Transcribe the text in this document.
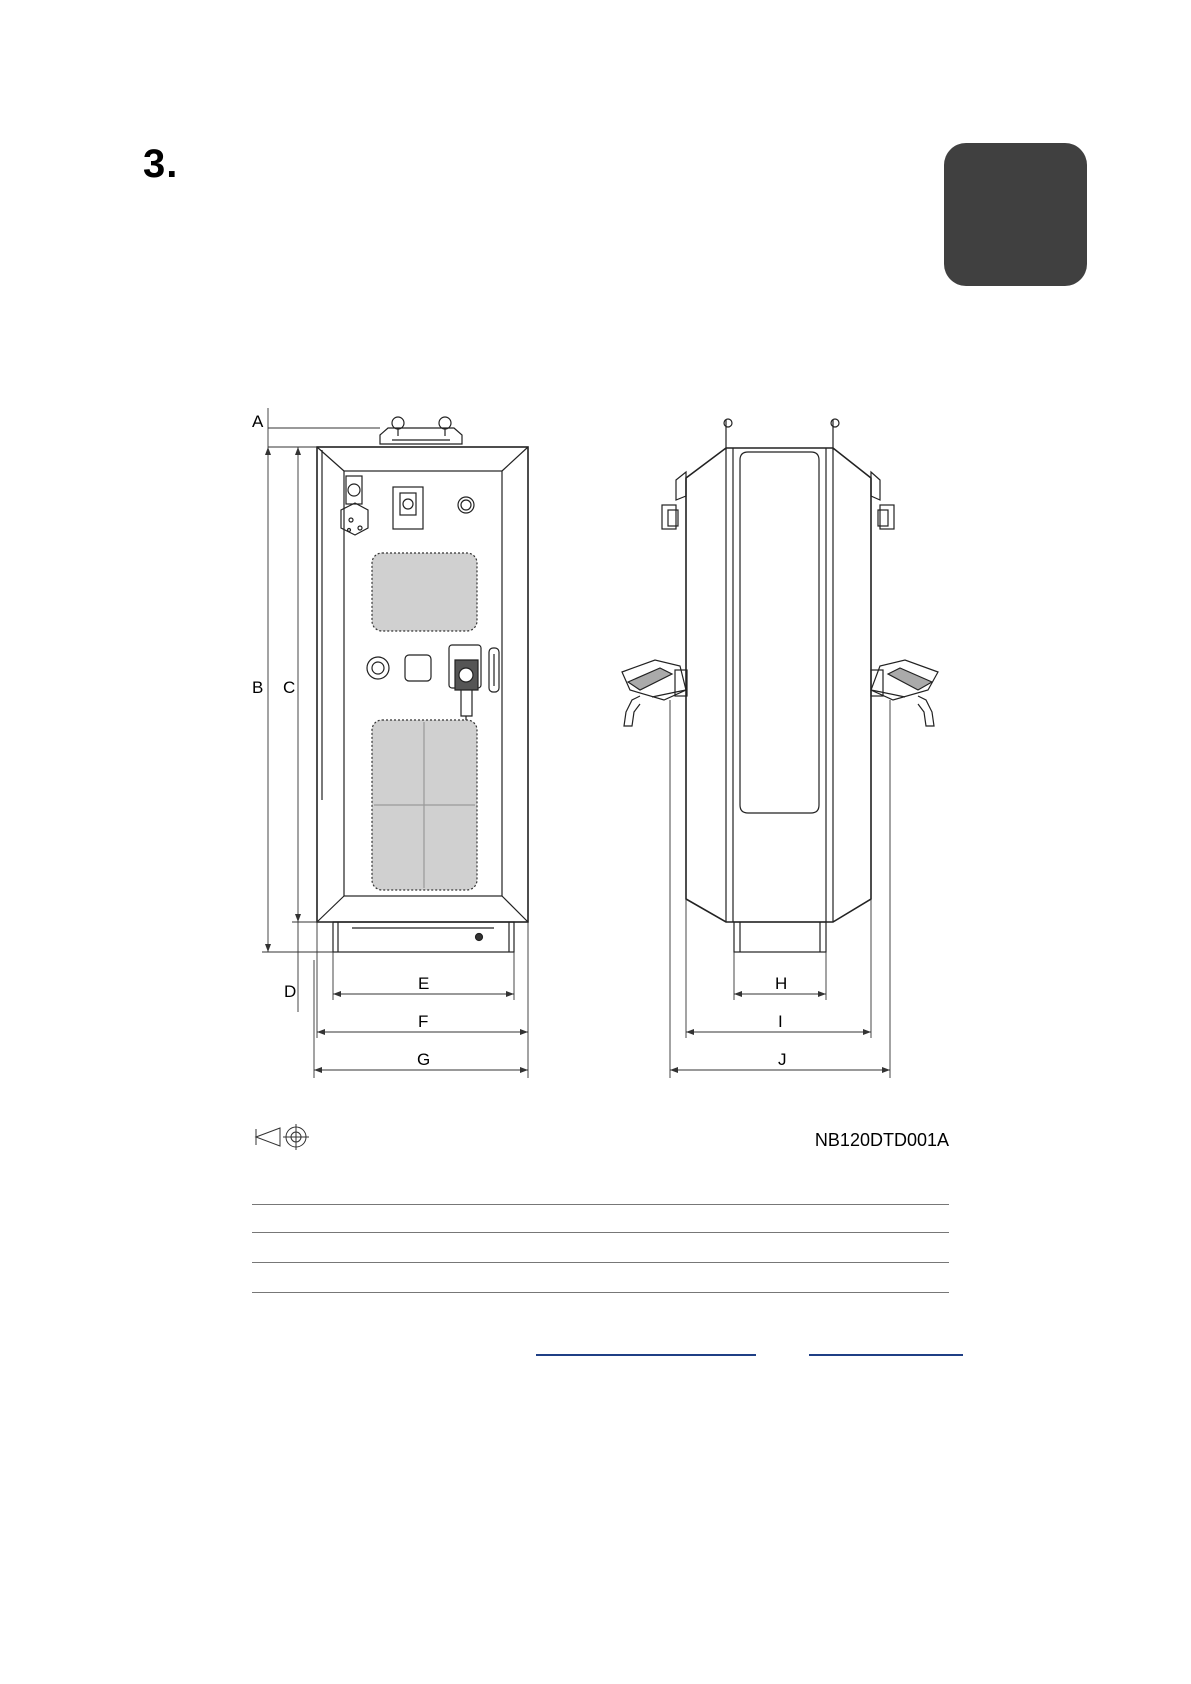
3.
A
B C
D	E
F
G
H
I
J
NB120DTD001A
